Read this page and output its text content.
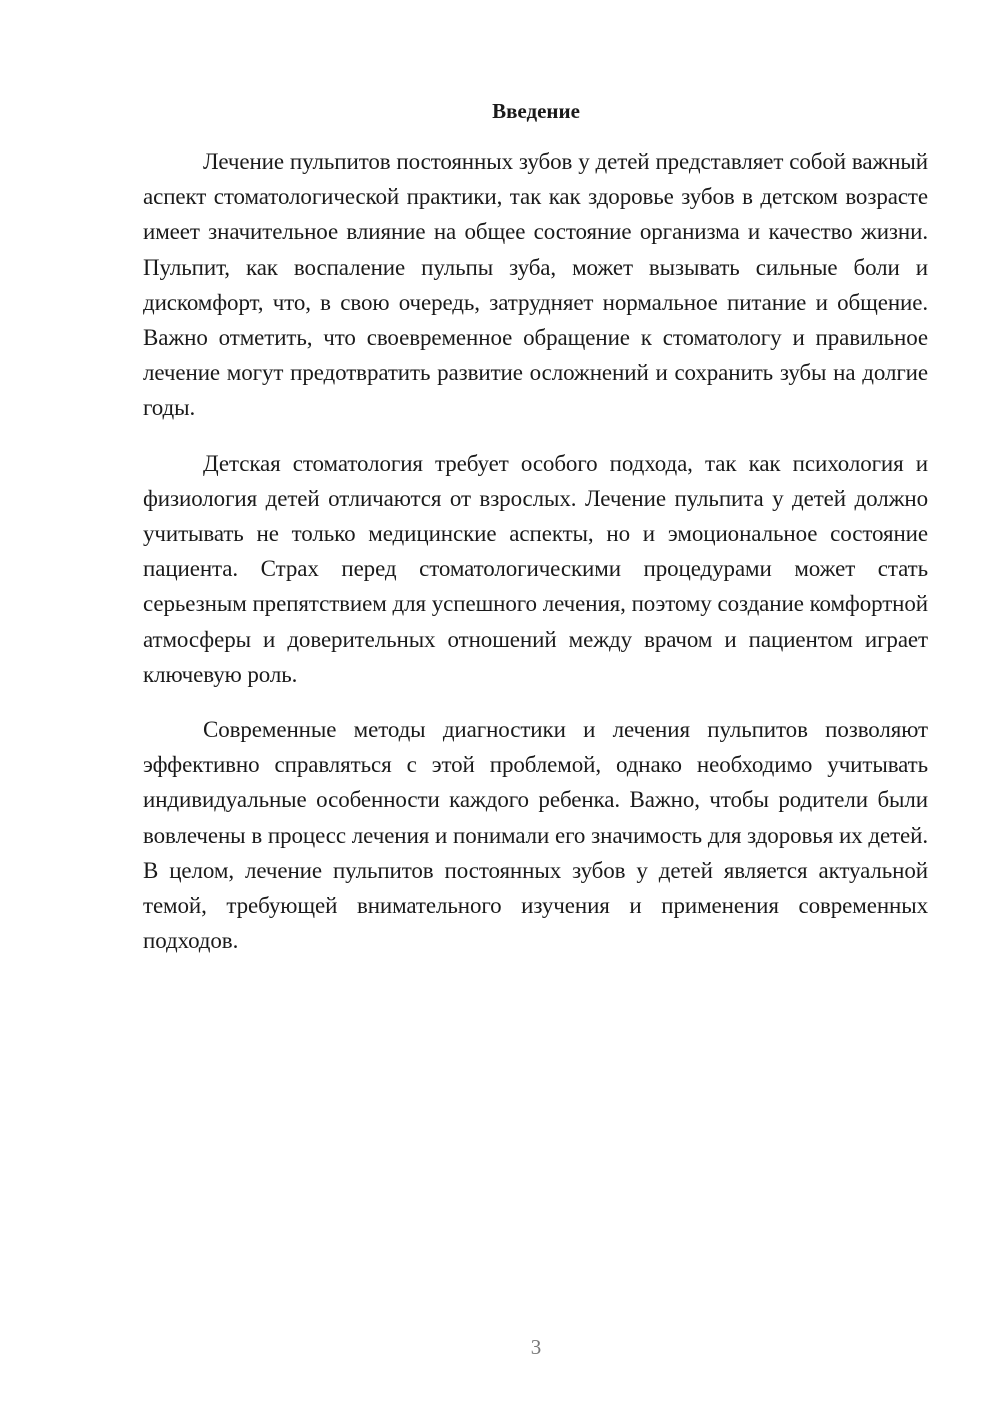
Введение

Лечение пульпитов постоянных зубов у детей представляет собой важный аспект стоматологической практики, так как здоровье зубов в детском возрасте имеет значительное влияние на общее состояние организма и качество жизни. Пульпит, как воспаление пульпы зуба, может вызывать сильные боли и дискомфорт, что, в свою очередь, затрудняет нормальное питание и общение. Важно отметить, что своевременное обращение к стоматологу и правильное лечение могут предотвратить развитие осложнений и сохранить зубы на долгие годы.

Детская стоматология требует особого подхода, так как психология и физиология детей отличаются от взрослых. Лечение пульпита у детей должно учитывать не только медицинские аспекты, но и эмоциональное состояние пациента. Страх перед стоматологическими процедурами может стать серьезным препятствием для успешного лечения, поэтому создание комфортной атмосферы и доверительных отношений между врачом и пациентом играет ключевую роль.

Современные методы диагностики и лечения пульпитов позволяют эффективно справляться с этой проблемой, однако необходимо учитывать индивидуальные особенности каждого ребенка. Важно, чтобы родители были вовлечены в процесс лечения и понимали его значимость для здоровья их детей. В целом, лечение пульпитов постоянных зубов у детей является актуальной темой, требующей внимательного изучения и применения современных подходов.

3
